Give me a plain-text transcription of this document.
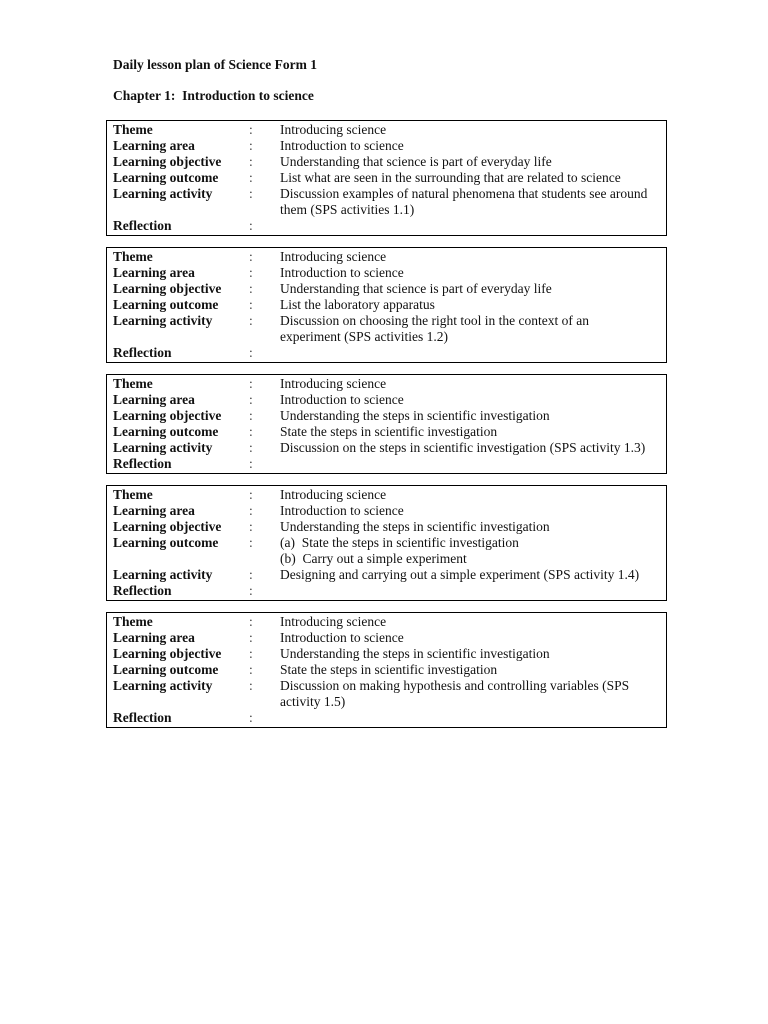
Daily lesson plan of Science Form 1
Chapter 1:  Introduction to science
Theme	:	Introducing science
Learning area	:	Introduction to science
Learning objective	:	Understanding that science is part of everyday life
Learning outcome	:	List what are seen in the surrounding that are related to science
Learning activity	:	Discussion examples of natural phenomena that students see around
them (SPS activities 1.1)
Reflection	:

Theme	:	Introducing science
Learning area	:	Introduction to science
Learning objective	:	Understanding that science is part of everyday life
Learning outcome	:	List the laboratory apparatus
Learning activity	:	Discussion on choosing the right tool in the context of an
experiment (SPS activities 1.2)
Reflection	:

Theme	:	Introducing science
Learning area	:	Introduction to science
Learning objective	:	Understanding the steps in scientific investigation
Learning outcome	:	State the steps in scientific investigation
Learning activity	:	Discussion on the steps in scientific investigation (SPS activity 1.3)
Reflection	:

Theme	:	Introducing science
Learning area	:	Introduction to science
Learning objective	:	Understanding the steps in scientific investigation
Learning outcome	:	(a)  State the steps in scientific investigation
(b)  Carry out a simple experiment
Learning activity	:	Designing and carrying out a simple experiment (SPS activity 1.4)
Reflection	:

Theme	:	Introducing science
Learning area	:	Introduction to science
Learning objective	:	Understanding the steps in scientific investigation
Learning outcome	:	State the steps in scientific investigation
Learning activity	:	Discussion on making hypothesis and controlling variables (SPS
activity 1.5)
Reflection	:
